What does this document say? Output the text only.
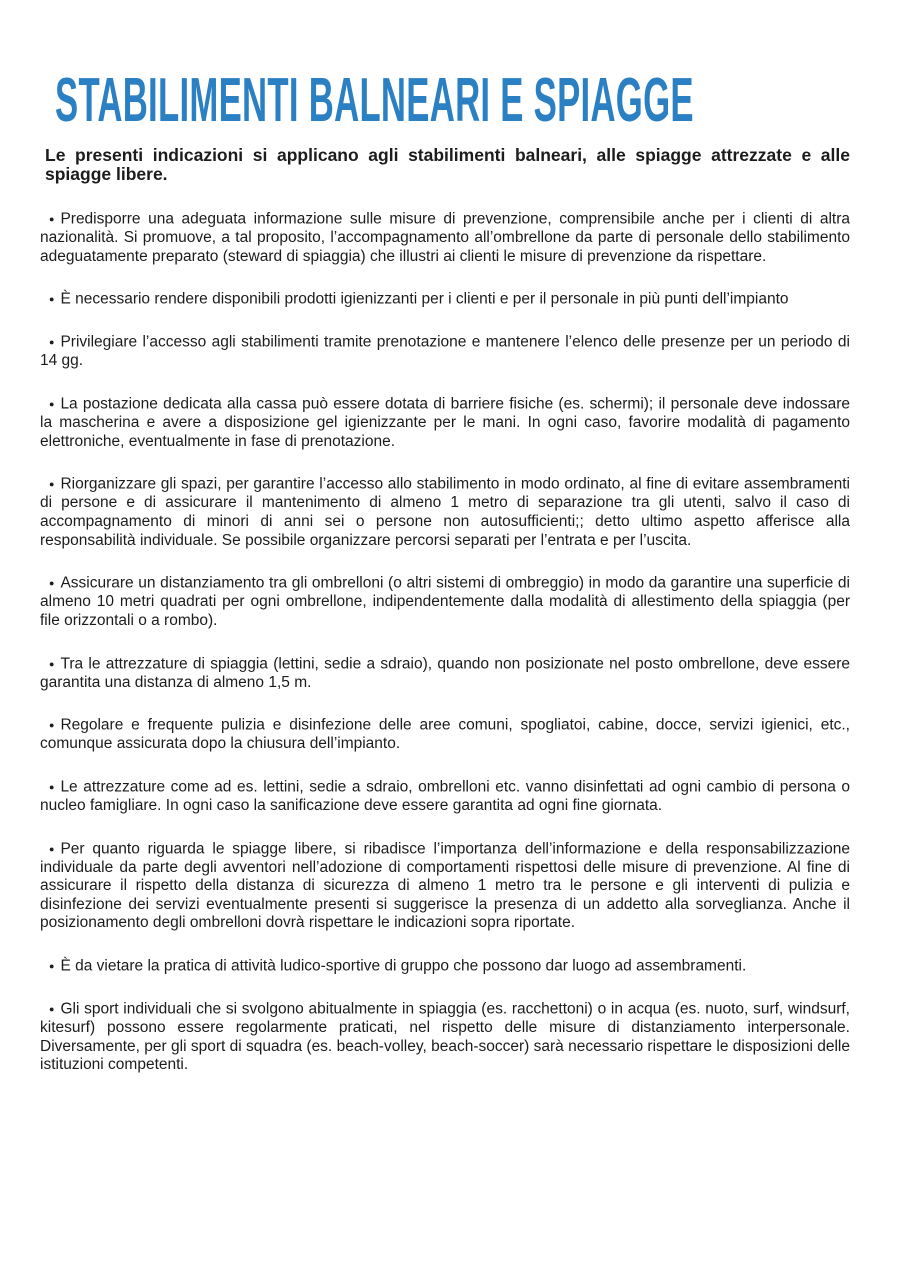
STABILIMENTI BALNEARI E SPIAGGE

Le presenti indicazioni si applicano agli stabilimenti balneari, alle spiagge attrezzate e alle spiagge libere.

● Predisporre una adeguata informazione sulle misure di prevenzione, comprensibile anche per i clienti di altra nazionalità. Si promuove, a tal proposito, l’accompagnamento all’ombrellone da parte di personale dello stabilimento adeguatamente preparato (steward di spiaggia) che illustri ai clienti le misure di prevenzione da rispettare.

● È necessario rendere disponibili prodotti igienizzanti per i clienti e per il personale in più punti dell’impianto

● Privilegiare l’accesso agli stabilimenti tramite prenotazione e mantenere l’elenco delle presenze per un periodo di 14 gg.

● La postazione dedicata alla cassa può essere dotata di barriere fisiche (es. schermi); il personale deve indossare la mascherina e avere a disposizione gel igienizzante per le mani. In ogni caso, favorire modalità di pagamento elettroniche, eventualmente in fase di prenotazione.

● Riorganizzare gli spazi, per garantire l’accesso allo stabilimento in modo ordinato, al fine di evitare assembramenti di persone e di assicurare il mantenimento di almeno 1 metro di separazione tra gli utenti, salvo il caso di accompagnamento di minori di anni sei o persone non autosufficienti;; detto ultimo aspetto afferisce alla responsabilità individuale. Se possibile organizzare percorsi separati per l’entrata e per l’uscita.

● Assicurare un distanziamento tra gli ombrelloni (o altri sistemi di ombreggio) in modo da garantire una superficie di almeno 10 metri quadrati per ogni ombrellone, indipendentemente dalla modalità di allestimento della spiaggia (per file orizzontali o a rombo).

● Tra le attrezzature di spiaggia (lettini, sedie a sdraio), quando non posizionate nel posto ombrellone, deve essere garantita una distanza di almeno 1,5 m.

● Regolare e frequente pulizia e disinfezione delle aree comuni, spogliatoi, cabine, docce, servizi igienici, etc., comunque assicurata dopo la chiusura dell’impianto.

● Le attrezzature come ad es. lettini, sedie a sdraio, ombrelloni etc. vanno disinfettati ad ogni cambio di persona o nucleo famigliare. In ogni caso la sanificazione deve essere garantita ad ogni fine giornata.

● Per quanto riguarda le spiagge libere, si ribadisce l’importanza dell’informazione e della responsabilizzazione individuale da parte degli avventori nell’adozione di comportamenti rispettosi delle misure di prevenzione. Al fine di assicurare il rispetto della distanza di sicurezza di almeno 1 metro tra le persone e gli interventi di pulizia e disinfezione dei servizi eventualmente presenti si suggerisce la presenza di un addetto alla sorveglianza. Anche il posizionamento degli ombrelloni dovrà rispettare le indicazioni sopra riportate.

● È da vietare la pratica di attività ludico-sportive di gruppo che possono dar luogo ad assembramenti.

● Gli sport individuali che si svolgono abitualmente in spiaggia (es. racchettoni) o in acqua (es. nuoto, surf, windsurf, kitesurf) possono essere regolarmente praticati, nel rispetto delle misure di distanziamento interpersonale. Diversamente, per gli sport di squadra (es. beach-volley, beach-soccer) sarà necessario rispettare le disposizioni delle istituzioni competenti.
